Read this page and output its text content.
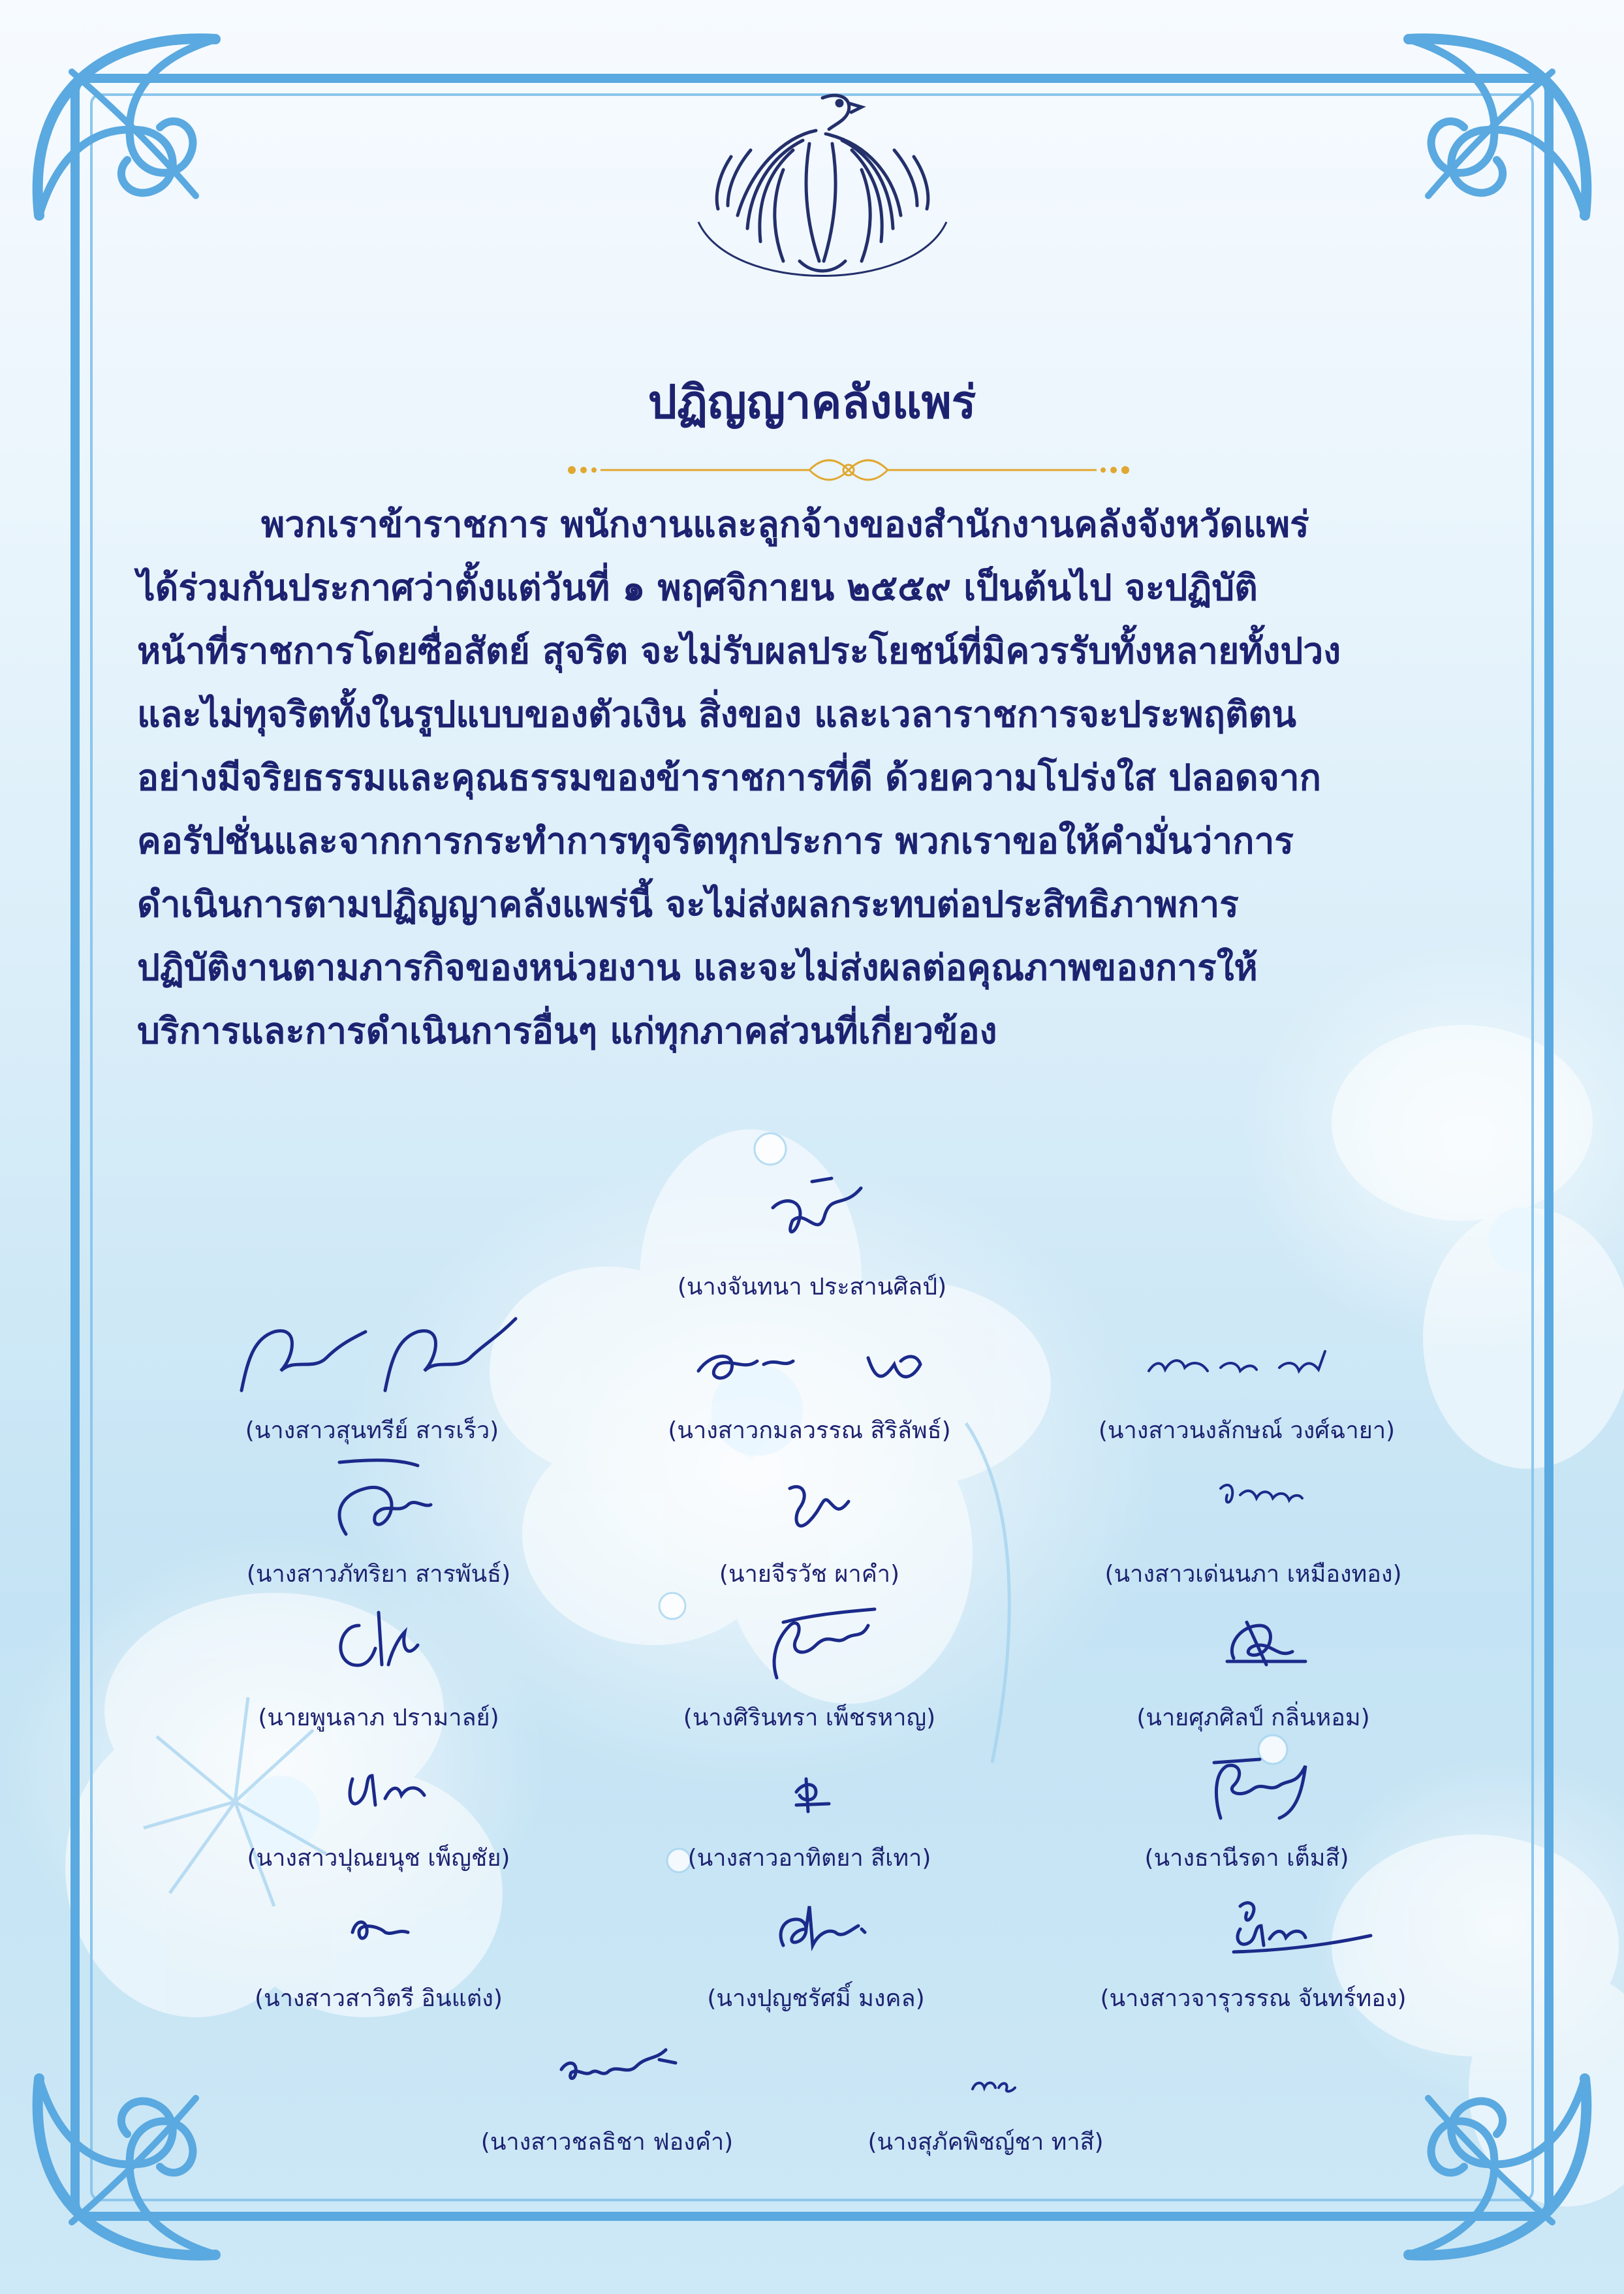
ปฏิญญาคลังแพร่
พวกเราข้าราชการ พนักงานและลูกจ้างของสำนักงานคลังจังหวัดแพร่
ได้ร่วมกันประกาศว่าตั้งแต่วันที่ ๑ พฤศจิกายน ๒๕๕๙ เป็นต้นไป จะปฏิบัติ
หน้าที่ราชการโดยซื่อสัตย์ สุจริต จะไม่รับผลประโยชน์ที่มิควรรับทั้งหลายทั้งปวง
และไม่ทุจริตทั้งในรูปแบบของตัวเงิน สิ่งของ และเวลาราชการจะประพฤติตน
อย่างมีจริยธรรมและคุณธรรมของข้าราชการที่ดี ด้วยความโปร่งใส ปลอดจาก
คอรัปชั่นและจากการกระทำการทุจริตทุกประการ พวกเราขอให้คำมั่นว่าการ
ดำเนินการตามปฏิญญาคลังแพร่นี้ จะไม่ส่งผลกระทบต่อประสิทธิภาพการ
ปฏิบัติงานตามภารกิจของหน่วยงาน และจะไม่ส่งผลต่อคุณภาพของการให้
บริการและการดำเนินการอื่นๆ แก่ทุกภาคส่วนที่เกี่ยวข้อง
(นางจันทนา ประสานศิลป์)
(นางสาวสุนทรีย์ สารเร็ว)	(นางสาวกมลวรรณ สิริลัพธ์)	(นางสาวนงลักษณ์ วงศ์ฉายา)
(นางสาวภัทริยา สารพันธ์)	(นายจีรวัช ผาคำ)	(นางสาวเด่นนภา เหมืองทอง)
(นายพูนลาภ ปรามาลย์)	(นางศิรินทรา เพ็ชรหาญ)	(นายศุภศิลป์ กลิ่นหอม)
(นางสาวปุณยนุช เพ็ญชัย)	(นางสาวอาทิตยา สีเทา)	(นางธานีรดา เต็มสี)
(นางสาวสาวิตรี อินแต่ง)	(นางปุญชรัศมิ์ มงคล)	(นางสาวจารุวรรณ จันทร์ทอง)
(นางสาวชลธิชา ฟองคำ)	(นางสุภัคพิชญ์ชา ทาสี)
